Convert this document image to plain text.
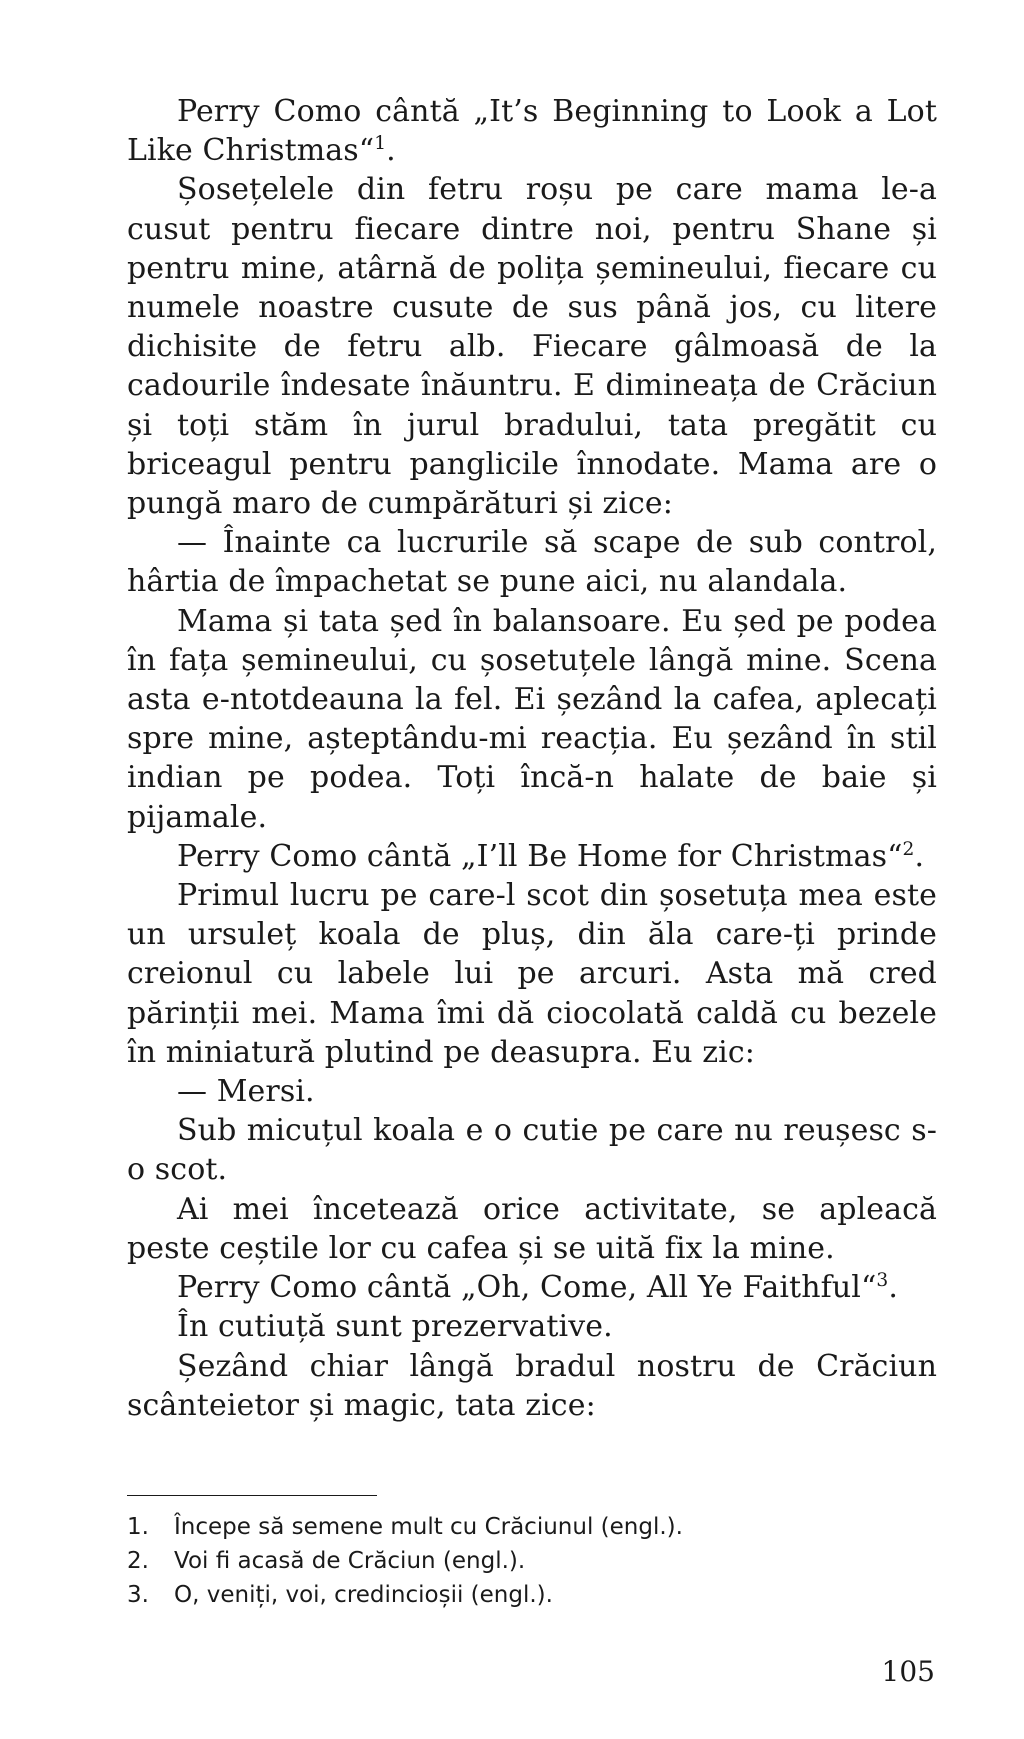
Perry Como cântă „It’s Beginning to Look a Lot Like Christmas“$^1$.

Șosețelele din fetru roșu pe care mama le-a cusut pentru fiecare dintre noi, pentru Shane și pentru mine, atârnă de polița șemineului, fiecare cu numele noastre cusute de sus până jos, cu litere dichisite de fetru alb. Fiecare gâlmoasă de la cadourile îndesate înăuntru. E dimineața de Crăciun și toți stăm în jurul bradului, tata pregătit cu briceagul pentru panglicile înnodate. Mama are o pungă maro de cumpărături și zice:

— Înainte ca lucrurile să scape de sub control, hârtia de împachetat se pune aici, nu alandala.

Mama și tata șed în balansoare. Eu șed pe podea în fața șemineului, cu șosetuțele lângă mine. Scena asta e-ntotdeauna la fel. Ei șezând la cafea, aplecați spre mine, așteptându-mi reacția. Eu șezând în stil indian pe podea. Toți încă-n halate de baie și pijamale.

Perry Como cântă „I’ll Be Home for Christmas“$^2$.

Primul lucru pe care-l scot din șosetuța mea este un ursuleț koala de pluș, din ăla care-ți prinde creionul cu labele lui pe arcuri. Asta mă cred părinții mei. Mama îmi dă ciocolată caldă cu bezele în miniatură plutind pe deasupra. Eu zic:

— Mersi.

Sub micuțul koala e o cutie pe care nu reușesc s-o scot.

Ai mei încetează orice activitate, se apleacă peste ceștile lor cu cafea și se uită fix la mine.

Perry Como cântă „Oh, Come, All Ye Faithful“$^3$.

În cutiuță sunt prezervative.

Șezând chiar lângă bradul nostru de Crăciun scânteietor și magic, tata zice:

1.	Începe să semene mult cu Crăciunul (engl.).
2.	Voi fi acasă de Crăciun (engl.).
3.	O, veniți, voi, credincioșii (engl.).
105
